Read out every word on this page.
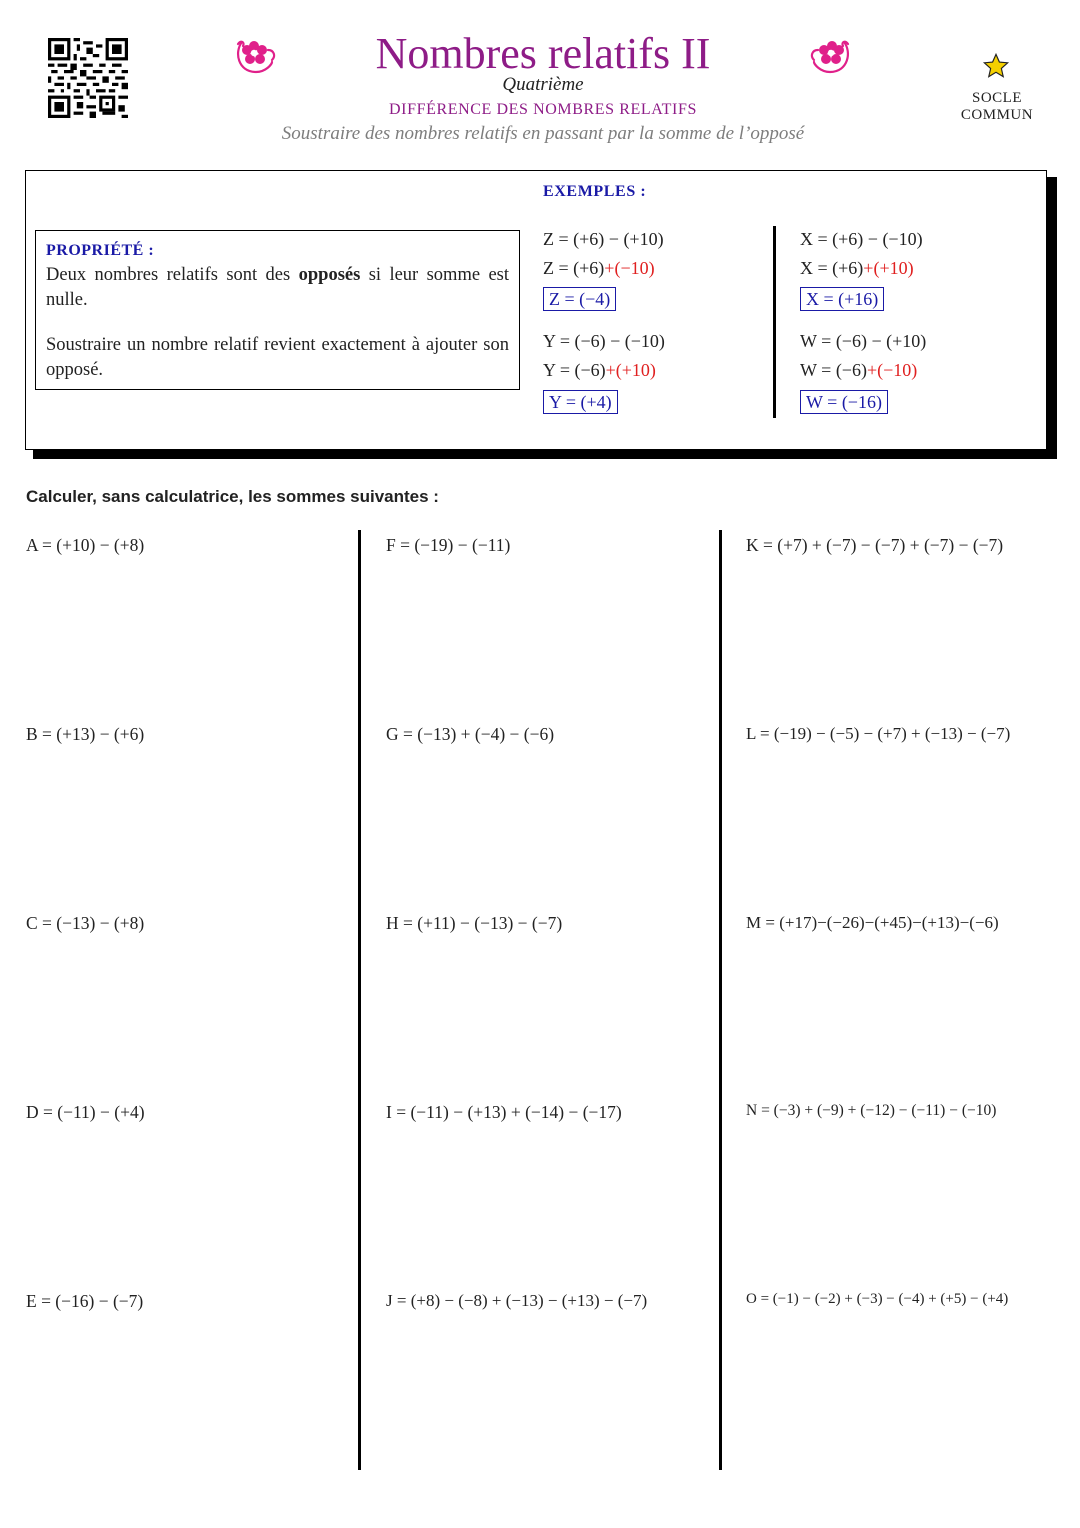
Nombres relatifs II
Quatrième
DIFFÉRENCE DES NOMBRES RELATIFS
Soustraire des nombres relatifs en passant par la somme de l’opposé
SOCLE COMMUN
PROPRIÉTÉ :
Deux nombres relatifs sont des opposés si leur somme est nulle.
Soustraire un nombre relatif revient exactement à ajouter son opposé.
EXEMPLES :
Z = (+6) − (+10)
Z = (+6)+(−10)
Z = (−4)
Y = (−6) − (−10)
Y = (−6)+(+10)
Y = (+4)
X = (+6) − (−10)
X = (+6)+(+10)
X = (+16)
W = (−6) − (+10)
W = (−6)+(−10)
W = (−16)
Calculer, sans calculatrice, les sommes suivantes :
A = (+10) − (+8)
B = (+13) − (+6)
C = (−13) − (+8)
D = (−11) − (+4)
E = (−16) − (−7)
F = (−19) − (−11)
G = (−13) + (−4) − (−6)
H = (+11) − (−13) − (−7)
I = (−11) − (+13) + (−14) − (−17)
J = (+8) − (−8) + (−13) − (+13) − (−7)
K = (+7) + (−7) − (−7) + (−7) − (−7)
L = (−19) − (−5) − (+7) + (−13) − (−7)
M = (+17)−(−26)−(+45)−(+13)−(−6)
N = (−3) + (−9) + (−12) − (−11) − (−10)
O = (−1) − (−2) + (−3) − (−4) + (+5) − (+4)
